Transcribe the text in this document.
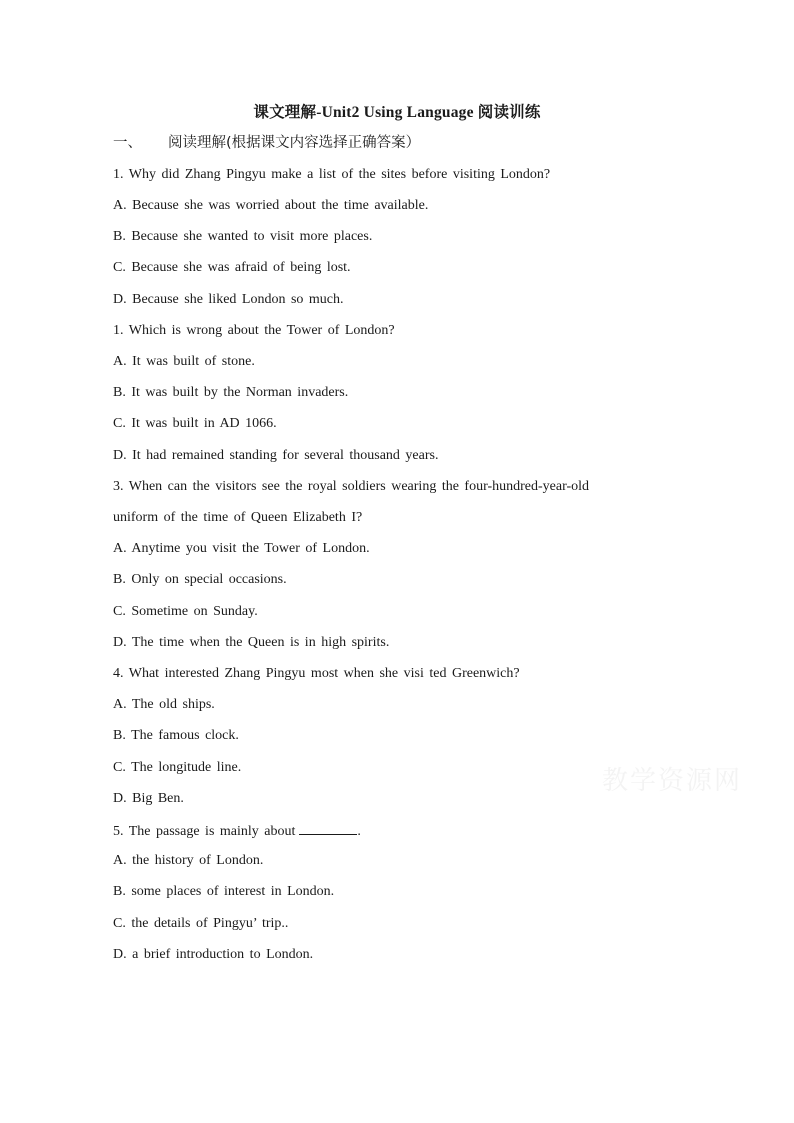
课文理解-Unit2 Using Language 阅读训练
一、 阅读理解(根据课文内容选择正确答案）
1. Why did Zhang Pingyu make a list of the sites before visiting London?
A. Because she was worried about the time available.
B. Because she wanted to visit more places.
C. Because she was afraid of being lost.
D. Because she liked London so much.
1. Which is wrong about the Tower of London?
A. It was built of stone.
B. It was built by the Norman invaders.
C. It was built in AD 1066.
D. It had remained standing for several thousand years.
3. When can the visitors see the royal soldiers wearing the four-hundred-year-old
uniform of the time of Queen Elizabeth I?
A. Anytime you visit the Tower of London.
B. Only on special occasions.
C. Sometime on Sunday.
D. The time when the Queen is in high spirits.
4. What interested Zhang Pingyu most when she visi ted Greenwich?
A. The old ships.
B. The famous clock.
C. The longitude line.
D. Big Ben.
5. The passage is mainly about	.
A. the history of London.
B. some places of interest in London.
C. the details of Pingyu’ trip..
D. a brief introduction to London.
教学资源网
